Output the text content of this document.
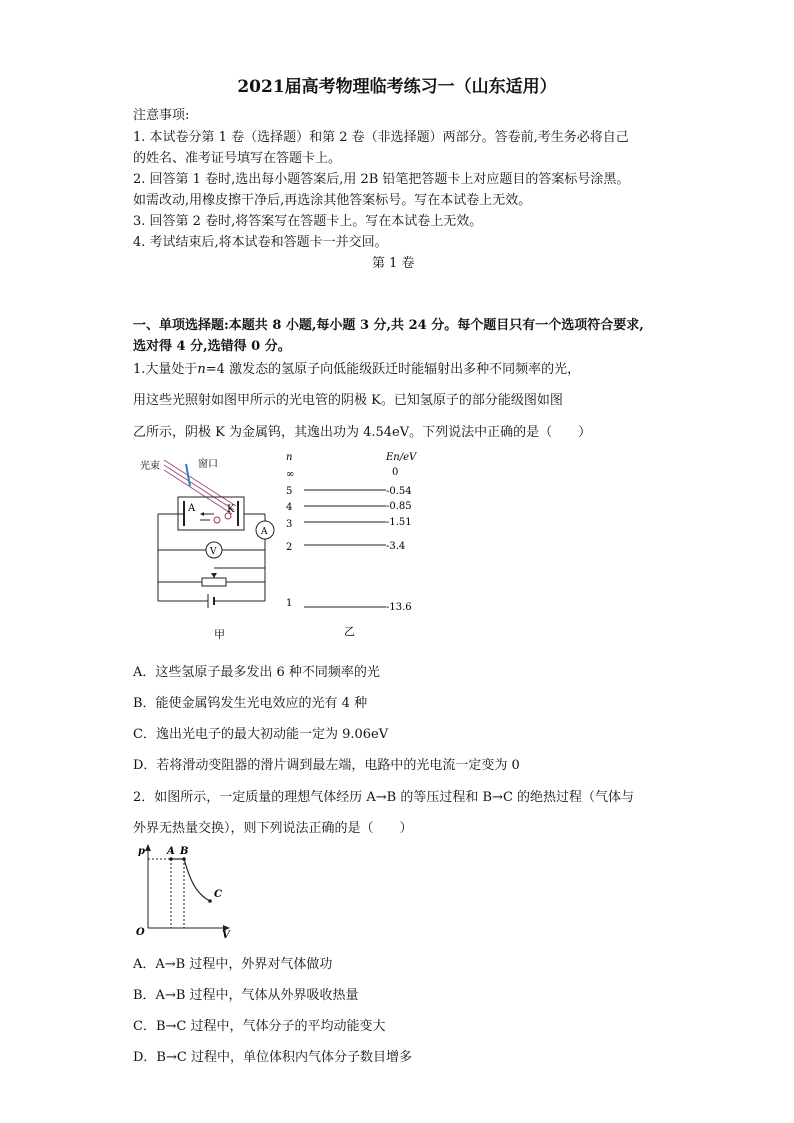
2021届高考物理临考练习一（山东适用）
注意事项:
1. 本试卷分第 1 卷（选择题）和第 2 卷（非选择题）两部分。答卷前,考生务必将自己
的姓名、准考证号填写在答题卡上。
2. 回答第 1 卷时,选出每小题答案后,用 2B 铅笔把答题卡上对应题目的答案标号涂黑。
如需改动,用橡皮擦干净后,再选涂其他答案标号。写在本试卷上无效。
3. 回答第 2 卷时,将答案写在答题卡上。写在本试卷上无效。
4. 考试结束后,将本试卷和答题卡一并交回。
第 1 卷
一、单项选择题:本题共 8 小题,每小题 3 分,共 24 分。每个题目只有一个选项符合要求,
选对得 4 分,选错得 0 分。
1.大量处于n=4 激发态的氢原子向低能级跃迁时能辐射出多种不同频率的光，
用这些光照射如图甲所示的光电管的阴极 K。已知氢原子的部分能级图如图
乙所示，阴极 K 为金属钨，其逸出功为 4.54eV。下列说法中正确的是（　　）
光束	窗口
A	K
A
V
甲
n	En/eV
∞	0
5	-0.54
4	-0.85
3	-1.51
2	-3.4
1	-13.6
乙
A．这些氢原子最多发出 6 种不同频率的光
B．能使金属钨发生光电效应的光有 4 种
C．逸出光电子的最大初动能一定为 9.06eV
D．若将滑动变阻器的滑片调到最左端，电路中的光电流一定变为 0
2．如图所示，一定质量的理想气体经历 A→B 的等压过程和 B→C 的绝热过程（气体与
外界无热量交换），则下列说法正确的是（　　）
p
V
O
A B
C
A．A→B 过程中，外界对气体做功
B．A→B 过程中，气体从外界吸收热量
C．B→C 过程中，气体分子的平均动能变大
D．B→C 过程中，单位体积内气体分子数目增多
